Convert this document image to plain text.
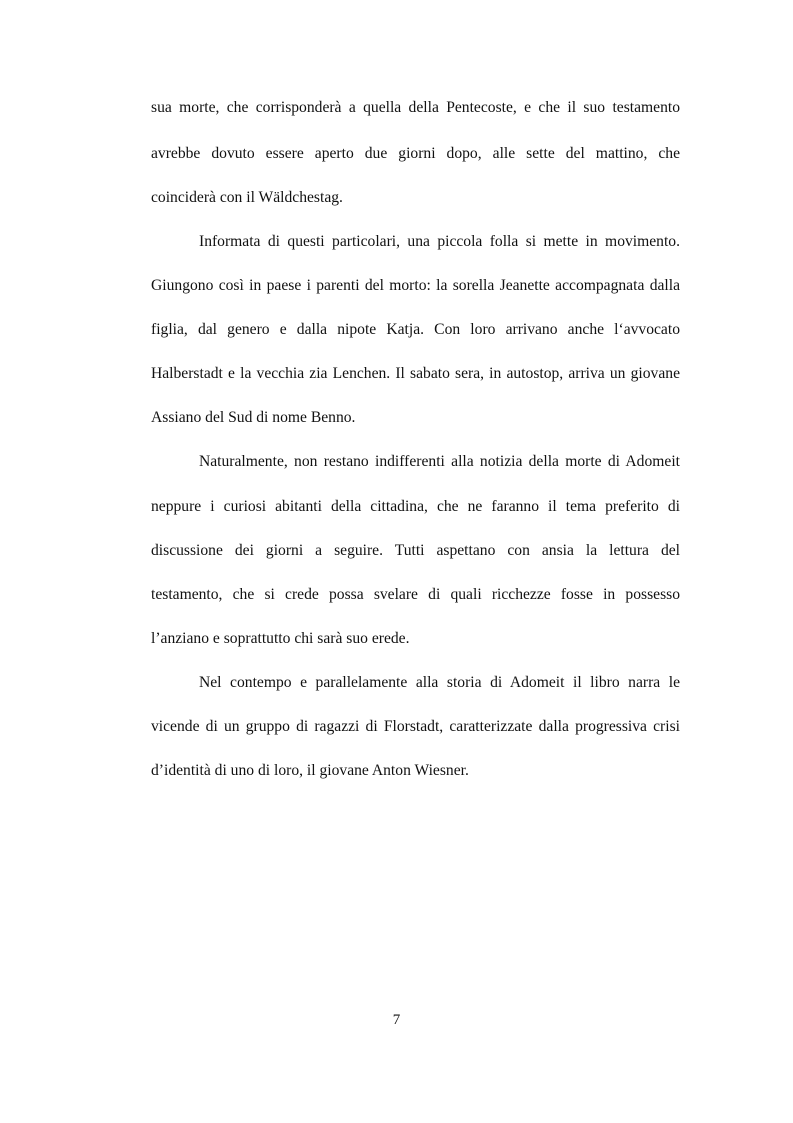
sua morte, che corrisponderà a quella della Pentecoste, e che il suo testamento
avrebbe dovuto essere aperto due giorni dopo, alle sette del mattino, che
coinciderà con il Wäldchestag.
Informata di questi particolari, una piccola folla si mette in movimento.
Giungono così in paese i parenti del morto: la sorella Jeanette accompagnata dalla
figlia, dal genero e dalla nipote Katja. Con loro arrivano anche l‘avvocato
Halberstadt e la vecchia zia Lenchen. Il sabato sera, in autostop, arriva un giovane
Assiano del Sud di nome Benno.
Naturalmente, non restano indifferenti alla notizia della morte di Adomeit
neppure i curiosi abitanti della cittadina, che ne faranno il tema preferito di
discussione dei giorni a seguire. Tutti aspettano con ansia la lettura del
testamento, che si crede possa svelare di quali ricchezze fosse in possesso
l’anziano e soprattutto chi sarà suo erede.
Nel contempo e parallelamente alla storia di Adomeit il libro narra le
vicende di un gruppo di ragazzi di Florstadt, caratterizzate dalla progressiva crisi
d’identità di uno di loro, il giovane Anton Wiesner.
7
